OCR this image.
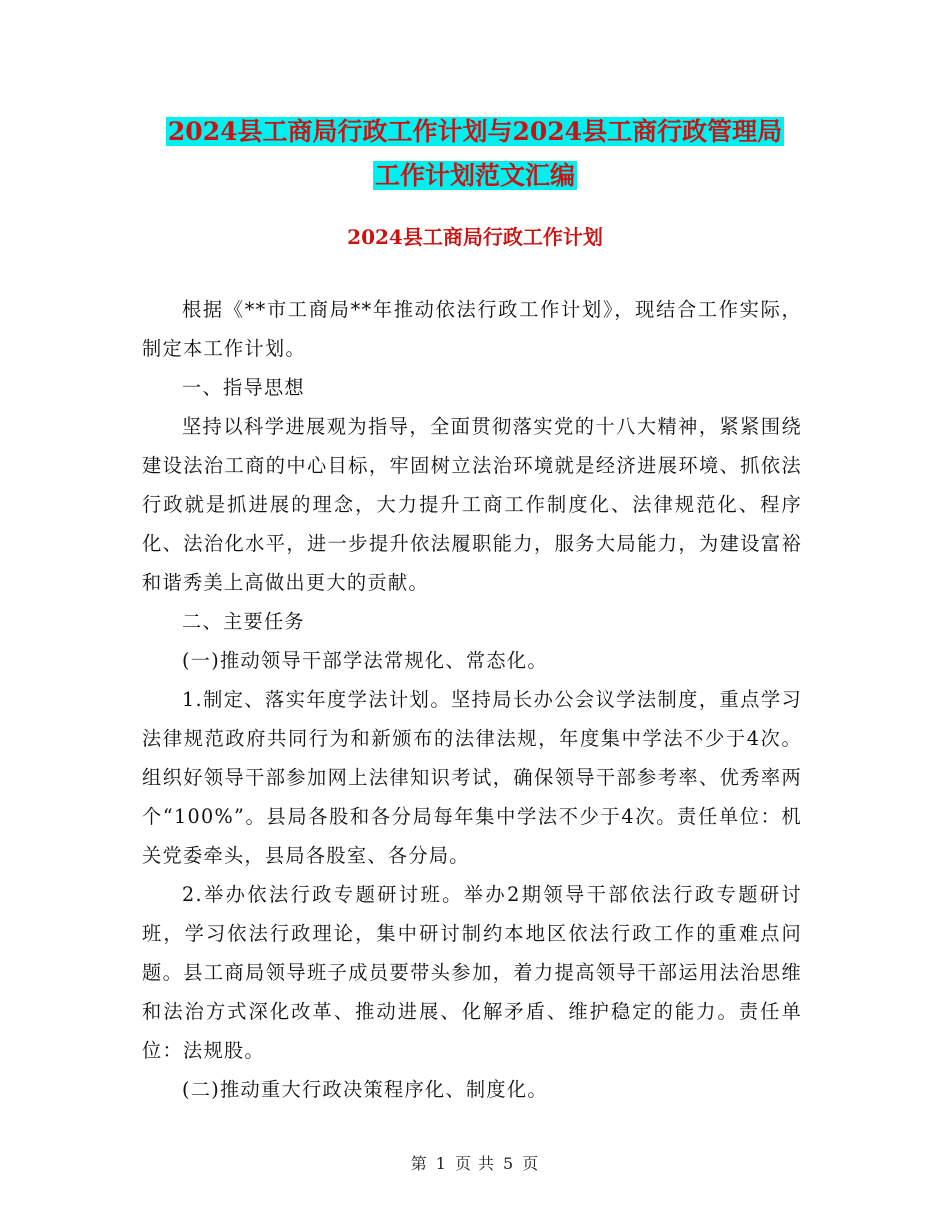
2024县工商局行政工作计划与2024县工商行政管理局
工作计划范文汇编
2024县工商局行政工作计划

根据《**市工商局**年推动依法行政工作计划》，现结合工作实际，制定本工作计划。

一、指导思想

坚持以科学进展观为指导，全面贯彻落实党的十八大精神，紧紧围绕建设法治工商的中心目标，牢固树立法治环境就是经济进展环境、抓依法行政就是抓进展的理念，大力提升工商工作制度化、法律规范化、程序化、法治化水平，进一步提升依法履职能力，服务大局能力，为建设富裕和谐秀美上高做出更大的贡献。

二、主要任务

(一)推动领导干部学法常规化、常态化。

1.制定、落实年度学法计划。坚持局长办公会议学法制度，重点学习法律规范政府共同行为和新颁布的法律法规，年度集中学法不少于4次。组织好领导干部参加网上法律知识考试，确保领导干部参考率、优秀率两个“100%”。县局各股和各分局每年集中学法不少于4次。责任单位：机关党委牵头，县局各股室、各分局。

2.举办依法行政专题研讨班。举办2期领导干部依法行政专题研讨班，学习依法行政理论，集中研讨制约本地区依法行政工作的重难点问题。县工商局领导班子成员要带头参加，着力提高领导干部运用法治思维和法治方式深化改革、推动进展、化解矛盾、维护稳定的能力。责任单位：法规股。

(二)推动重大行政决策程序化、制度化。

第 1 页 共 5 页
